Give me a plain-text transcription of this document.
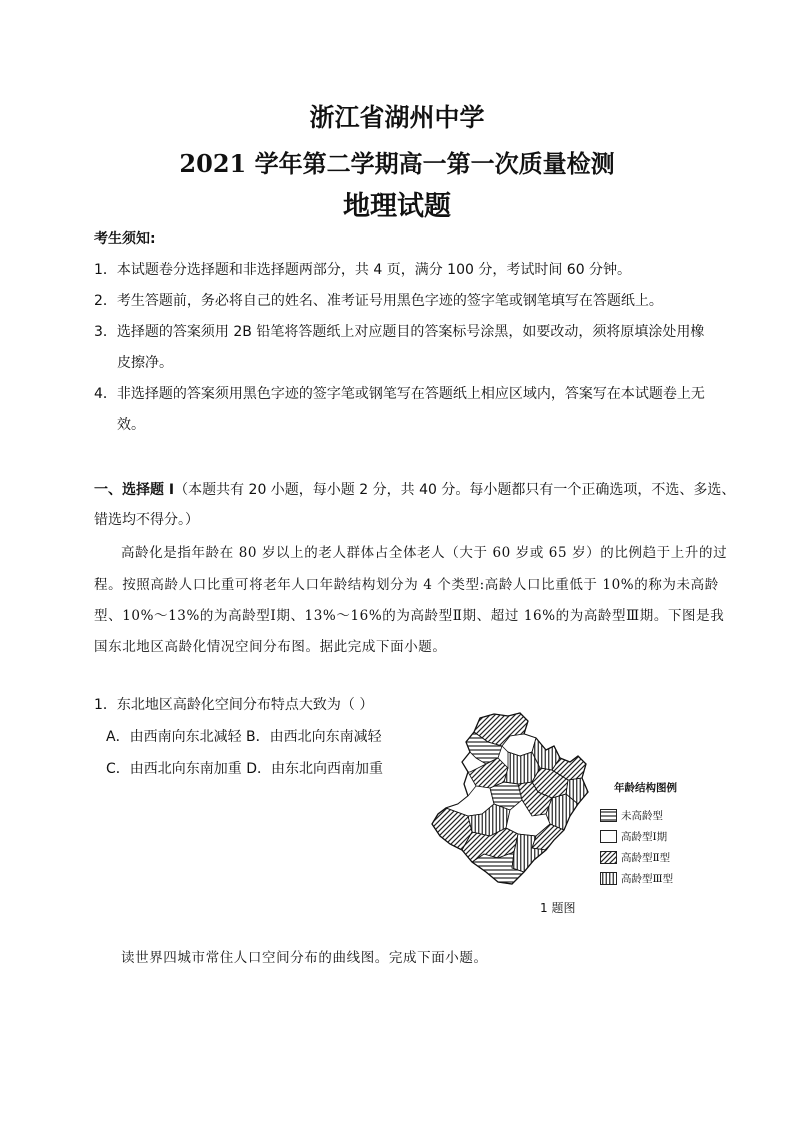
浙江省湖州中学
2021 学年第二学期高一第一次质量检测
地理试题
考生须知:
1．本试题卷分选择题和非选择题两部分，共 4 页，满分 100 分，考试时间 60 分钟。
2．考生答题前，务必将自己的姓名、准考证号用黑色字迹的签字笔或钢笔填写在答题纸上。
3．选择题的答案须用 2B 铅笔将答题纸上对应题目的答案标号涂黑，如要改动，须将原填涂处用橡
皮擦净。
4．非选择题的答案须用黑色字迹的签字笔或钢笔写在答题纸上相应区域内，答案写在本试题卷上无
效。
一、选择题 I（本题共有 20 小题，每小题 2 分，共 40 分。每小题都只有一个正确选项，不选、多选、
错选均不得分。）
高龄化是指年龄在 80 岁以上的老人群体占全体老人（大于 60 岁或 65 岁）的比例趋于上升的过
程。按照高龄人口比重可将老年人口年龄结构划分为 4 个类型:高龄人口比重低于 10%的称为未高龄
型、10%～13%的为高龄型Ⅰ期、13%～16%的为高龄型Ⅱ期、超过 16%的为高龄型Ⅲ期。下图是我
国东北地区高龄化情况空间分布图。据此完成下面小题。
1．东北地区高龄化空间分布特点大致为（ ）
A．由西南向东北减轻 B．由西北向东南减轻
C．由西北向东南加重 D．由东北向西南加重
年龄结构图例
未高龄型
高龄型Ⅰ期
高龄型Ⅱ型
高龄型Ⅲ型
1 题图
读世界四城市常住人口空间分布的曲线图。完成下面小题。
